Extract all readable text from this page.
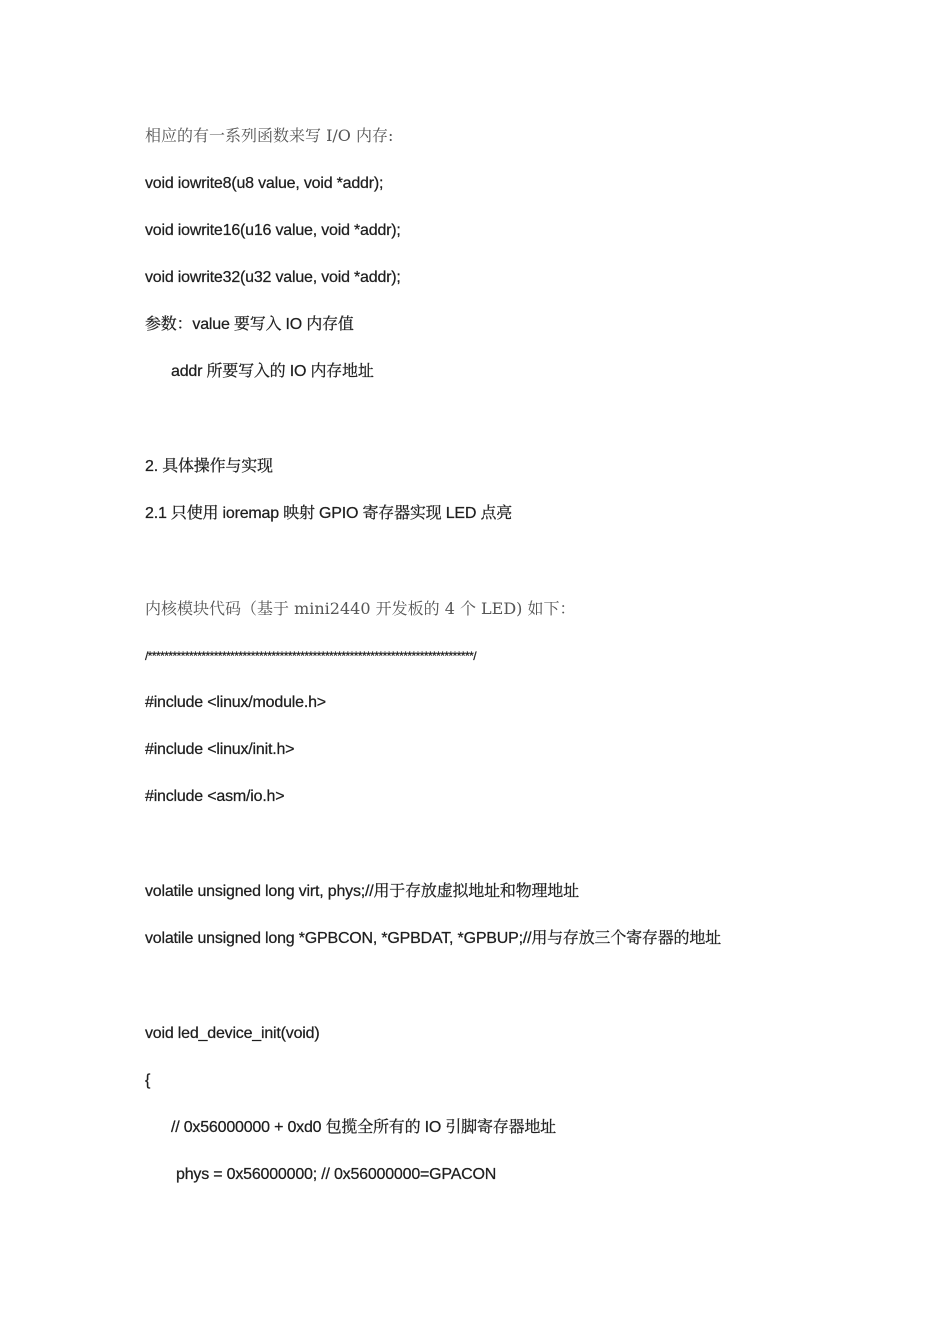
相应的有一系列函数来写 I/O 内存:
void iowrite8(u8 value, void *addr);
void iowrite16(u16 value, void *addr);
void iowrite32(u32 value, void *addr);
参数：value 要写入 IO 内存值
addr 所要写入的 IO 内存地址
2. 具体操作与实现
2.1 只使用 ioremap 映射 GPIO 寄存器实现 LED 点亮
内核模块代码（基于 mini2440 开发板的 4 个 LED) 如下：
/*******************************************************************************/
#include <linux/module.h>
#include <linux/init.h>
#include <asm/io.h>
volatile unsigned long virt, phys;//用于存放虚拟地址和物理地址
volatile unsigned long *GPBCON, *GPBDAT, *GPBUP;//用与存放三个寄存器的地址
void led_device_init(void)
{
// 0x56000000 + 0xd0 包揽全所有的 IO 引脚寄存器地址
phys = 0x56000000; // 0x56000000=GPACON
